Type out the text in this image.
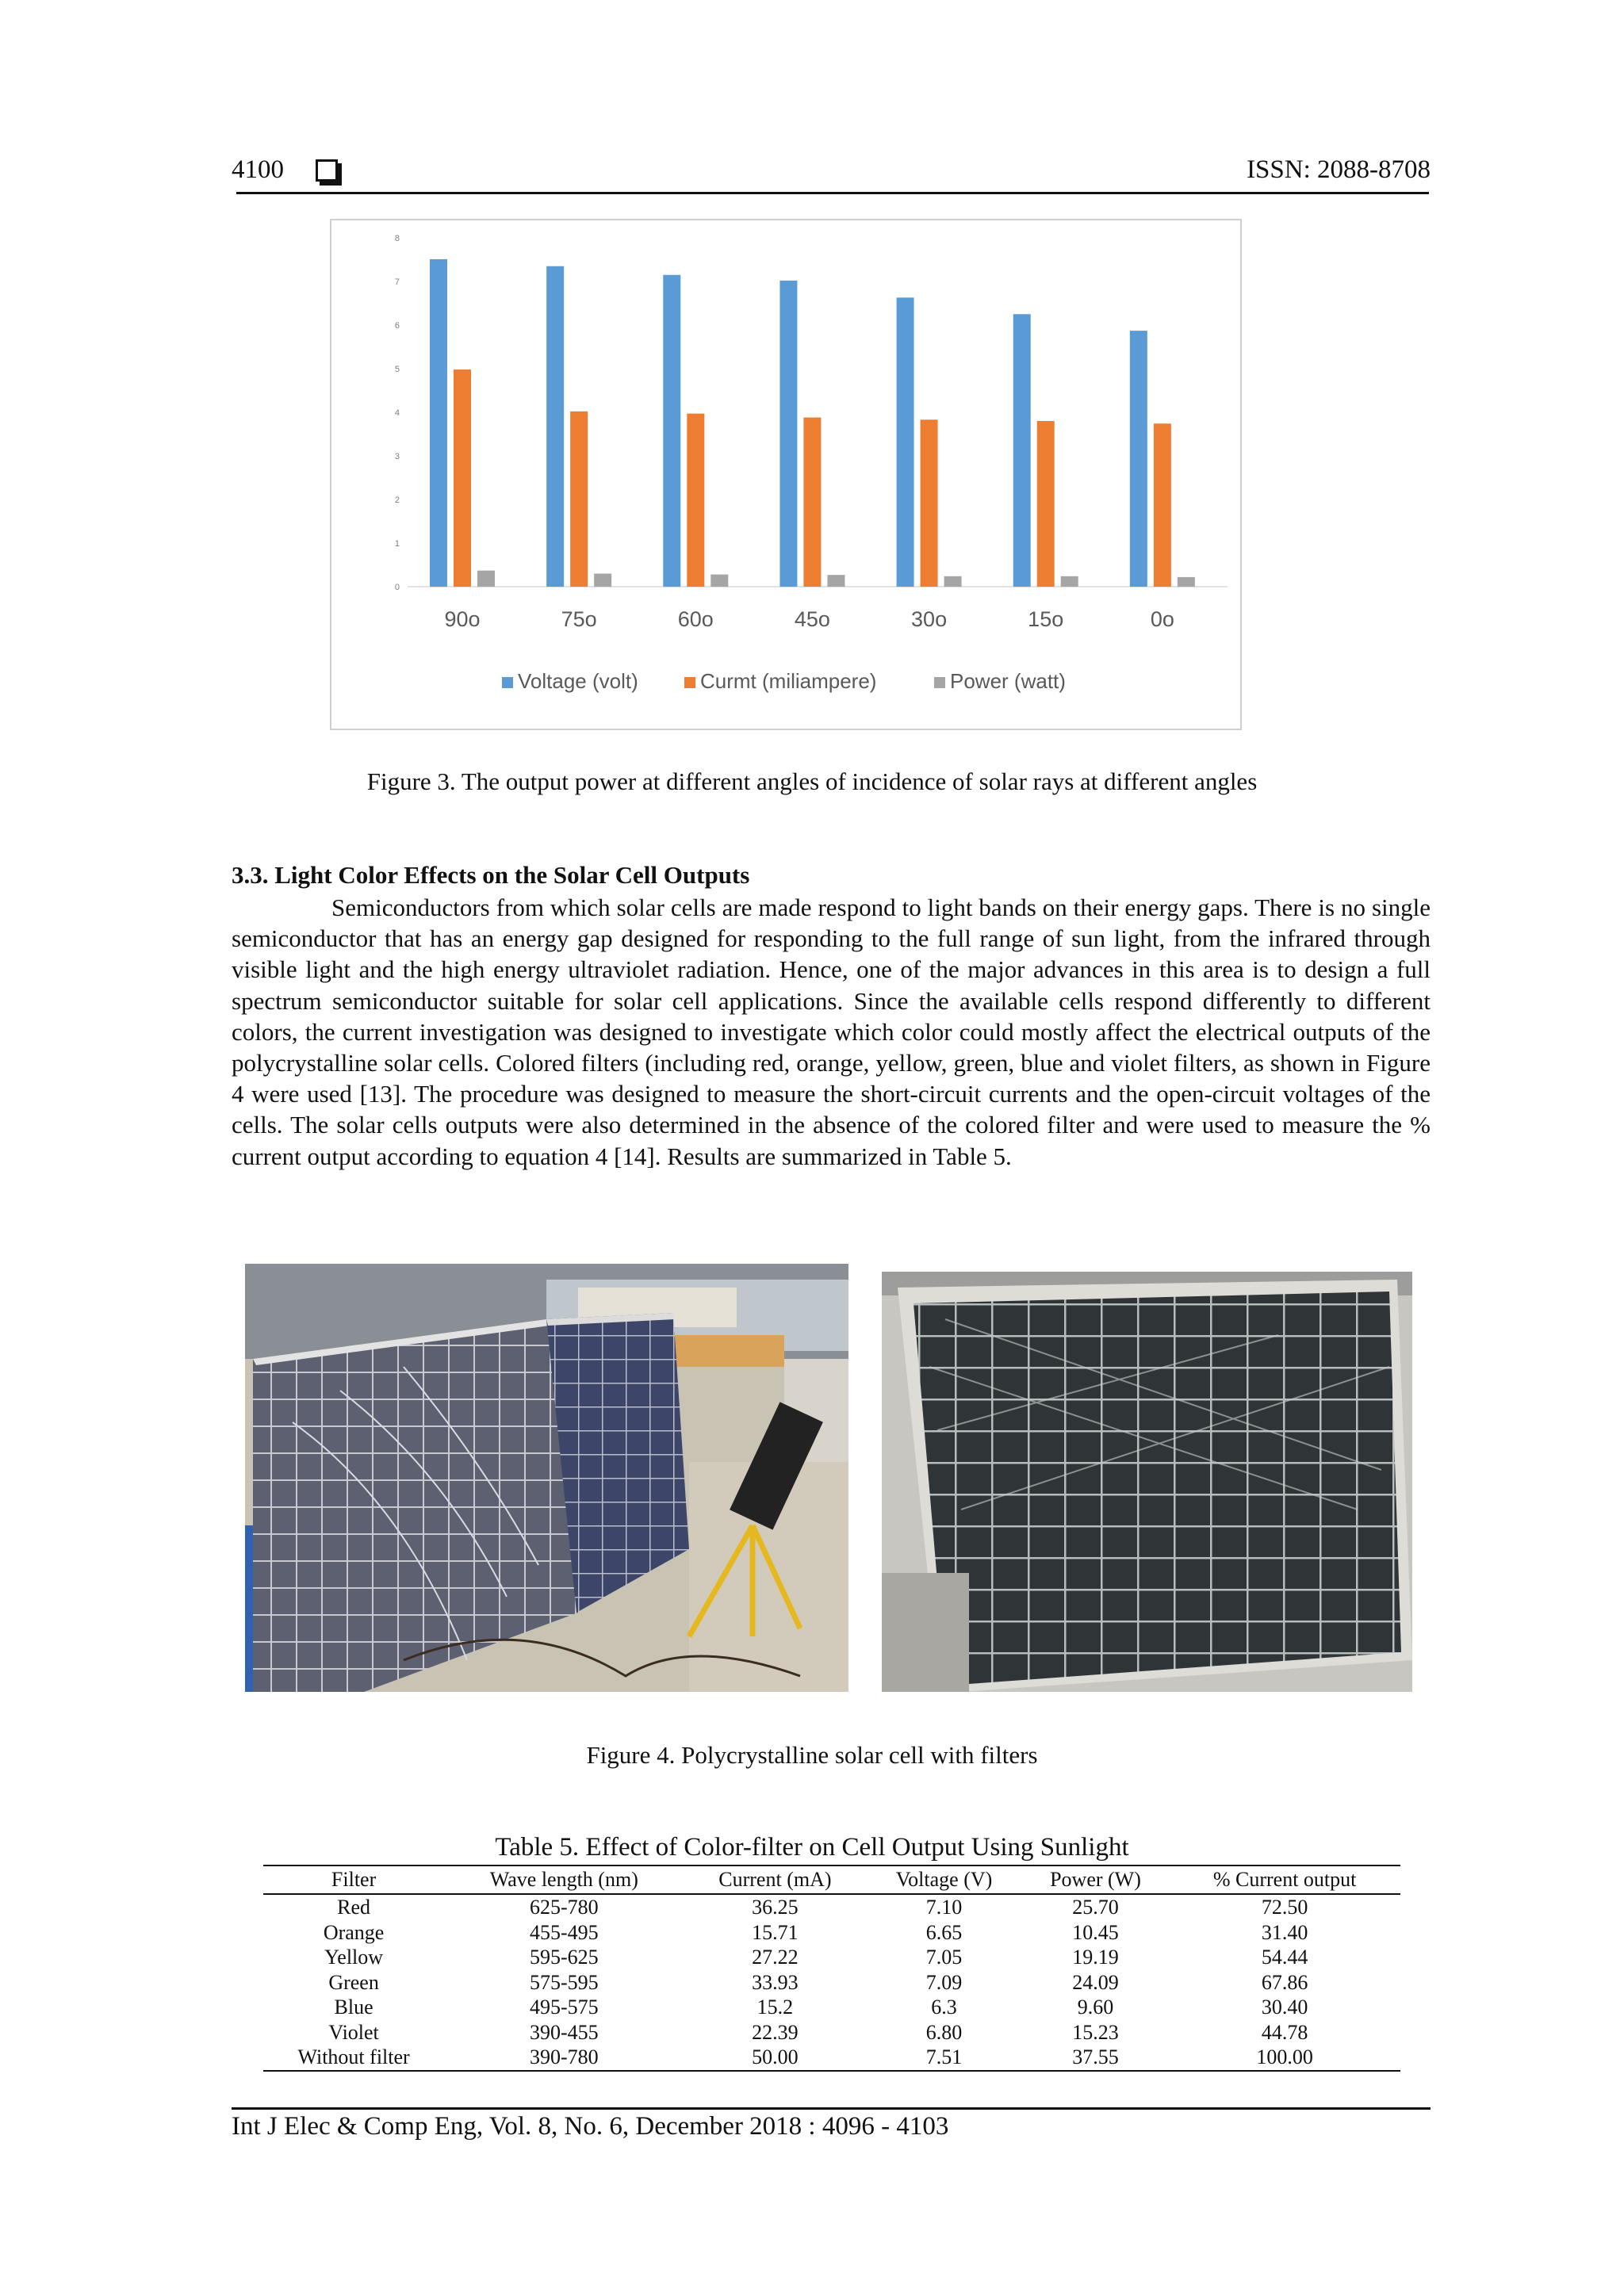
4100	ISSN: 2088-8708
0
1
2
3
4
5
6
7
8
90o	75o	60o	45o	30o	15o	0o
Voltage (volt)	Curmt (miliampere)	Power (watt)
Figure 3. The output power at different angles of incidence of solar rays at different angles
3.3. Light Color Effects on the Solar Cell Outputs

Semiconductors from which solar cells are made respond to light bands on their energy gaps. There is no single semiconductor that has an energy gap designed for responding to the full range of sun light, from the infrared through visible light and the high energy ultraviolet radiation. Hence, one of the major advances in this area is to design a full spectrum semiconductor suitable for solar cell applications. Since the available cells respond differently to different colors, the current investigation was designed to investigate which color could mostly affect the electrical outputs of the polycrystalline solar cells. Colored filters (including red, orange, yellow, green, blue and violet filters, as shown in Figure 4 were used [13]. The procedure was designed to measure the short-circuit currents and the open-circuit voltages of the cells. The solar cells outputs were also determined in the absence of the colored filter and were used to measure the % current output according to equation 4 [14]. Results are summarized in Table 5.

Figure 4. Polycrystalline solar cell with filters
Table 5. Effect of Color-filter on Cell Output Using Sunlight
Filter	Wave length (nm)	Current (mA)	Voltage (V)	Power (W)	% Current output
Red	625-780	36.25	7.10	25.70	72.50
Orange	455-495	15.71	6.65	10.45	31.40
Yellow	595-625	27.22	7.05	19.19	54.44
Green	575-595	33.93	7.09	24.09	67.86
Blue	495-575	15.2	6.3	9.60	30.40
Violet	390-455	22.39	6.80	15.23	44.78
Without filter	390-780	50.00	7.51	37.55	100.00
Int J Elec & Comp Eng, Vol. 8, No. 6, December 2018 : 4096 - 4103
